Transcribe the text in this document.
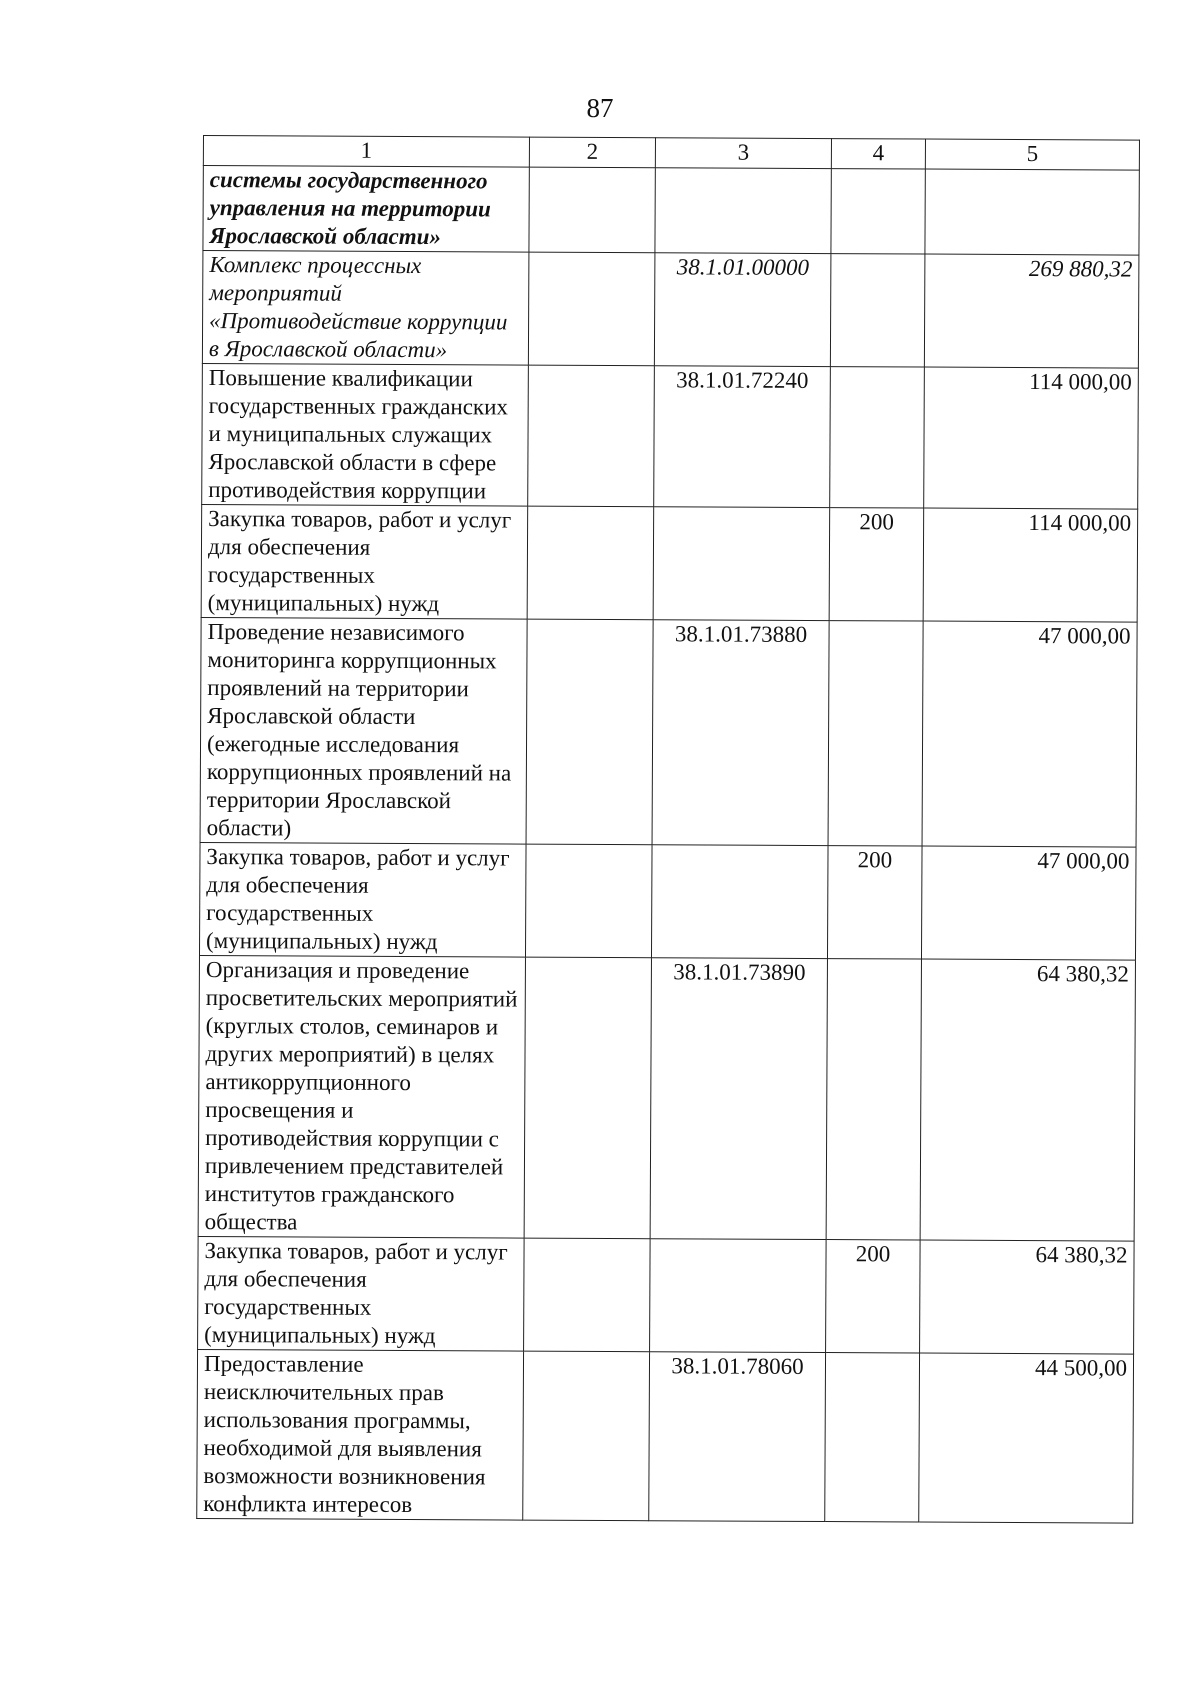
87
1	2	3	4	5
системы государственного управления на территории Ярославской области»				
Комплекс процессных мероприятий «Противодействие коррупции в Ярославской области»		38.1.01.00000		269 880,32
Повышение квалификации государственных гражданских и муниципальных служащих Ярославской области в сфере противодействия коррупции		38.1.01.72240		114 000,00
Закупка товаров, работ и услуг для обеспечения государственных (муниципальных) нужд			200	114 000,00
Проведение независимого мониторинга коррупционных проявлений на территории Ярославской области (ежегодные исследования коррупционных проявлений на территории Ярославской области)		38.1.01.73880		47 000,00
Закупка товаров, работ и услуг для обеспечения государственных (муниципальных) нужд			200	47 000,00
Организация и проведение просветительских мероприятий (круглых столов, семинаров и других мероприятий) в целях антикоррупционного просвещения и противодействия коррупции с привлечением представителей институтов гражданского общества		38.1.01.73890		64 380,32
Закупка товаров, работ и услуг для обеспечения государственных (муниципальных) нужд			200	64 380,32
Предоставление неисключительных прав использования программы, необходимой для выявления возможности возникновения конфликта интересов		38.1.01.78060		44 500,00
